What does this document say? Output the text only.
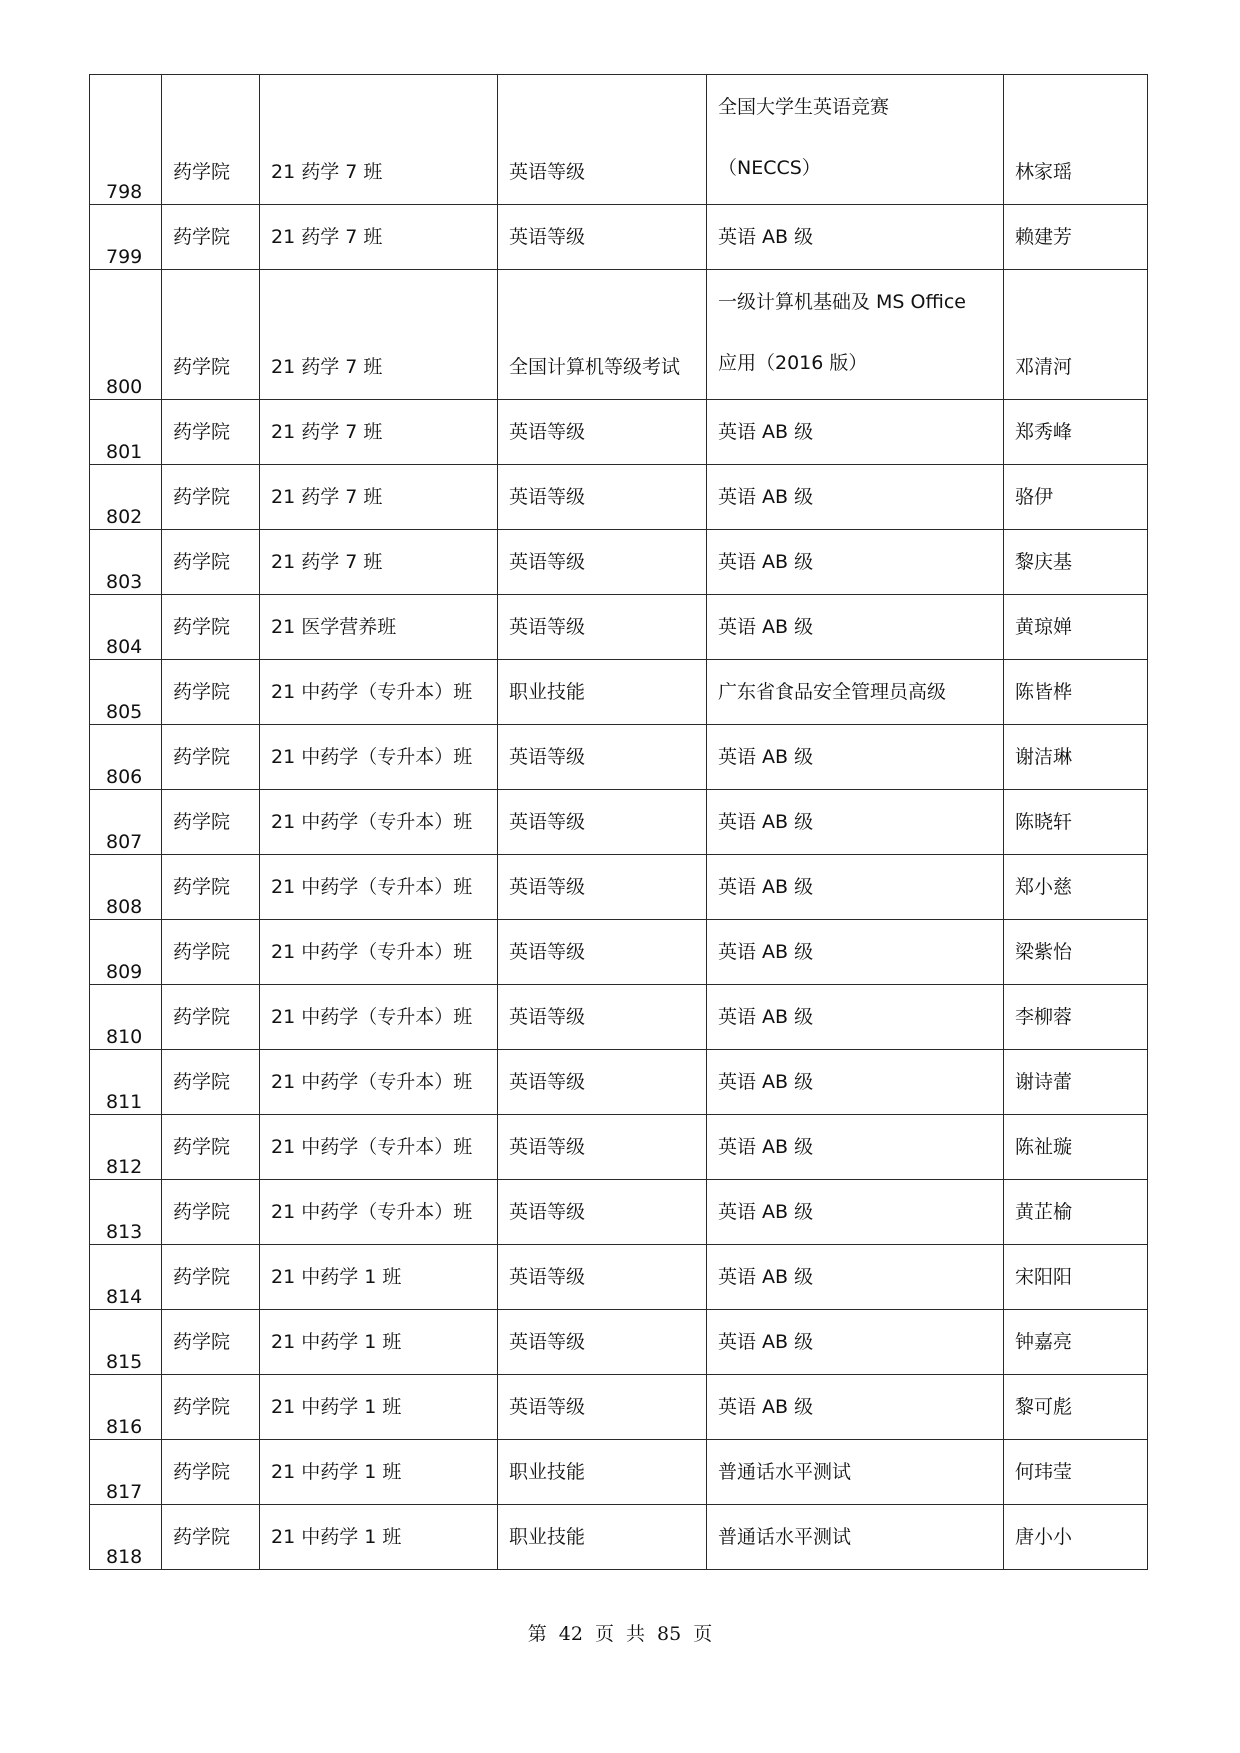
798	药学院	21 药学 7 班	英语等级	全国大学生英语竞赛
（NECCS）	林家瑶

799	药学院	21 药学 7 班	英语等级	英语 AB 级	赖建芳

800	药学院	21 药学 7 班	全国计算机等级考试	一级计算机基础及 MS Office
应用（2016 版）	邓清河

801	药学院	21 药学 7 班	英语等级	英语 AB 级	郑秀峰

802	药学院	21 药学 7 班	英语等级	英语 AB 级	骆伊

803	药学院	21 药学 7 班	英语等级	英语 AB 级	黎庆基

804	药学院	21 医学营养班	英语等级	英语 AB 级	黄琼婵

805	药学院	21 中药学（专升本）班	职业技能	广东省食品安全管理员高级	陈皆桦

806	药学院	21 中药学（专升本）班	英语等级	英语 AB 级	谢洁琳

807	药学院	21 中药学（专升本）班	英语等级	英语 AB 级	陈晓轩

808	药学院	21 中药学（专升本）班	英语等级	英语 AB 级	郑小慈

809	药学院	21 中药学（专升本）班	英语等级	英语 AB 级	梁紫怡

810	药学院	21 中药学（专升本）班	英语等级	英语 AB 级	李柳蓉

811	药学院	21 中药学（专升本）班	英语等级	英语 AB 级	谢诗蕾

812	药学院	21 中药学（专升本）班	英语等级	英语 AB 级	陈祉璇

813	药学院	21 中药学（专升本）班	英语等级	英语 AB 级	黄芷榆

814	药学院	21 中药学 1 班	英语等级	英语 AB 级	宋阳阳

815	药学院	21 中药学 1 班	英语等级	英语 AB 级	钟嘉亮

816	药学院	21 中药学 1 班	英语等级	英语 AB 级	黎可彪

817	药学院	21 中药学 1 班	职业技能	普通话水平测试	何玮莹

818	药学院	21 中药学 1 班	职业技能	普通话水平测试	唐小小
第 42 页 共 85 页
